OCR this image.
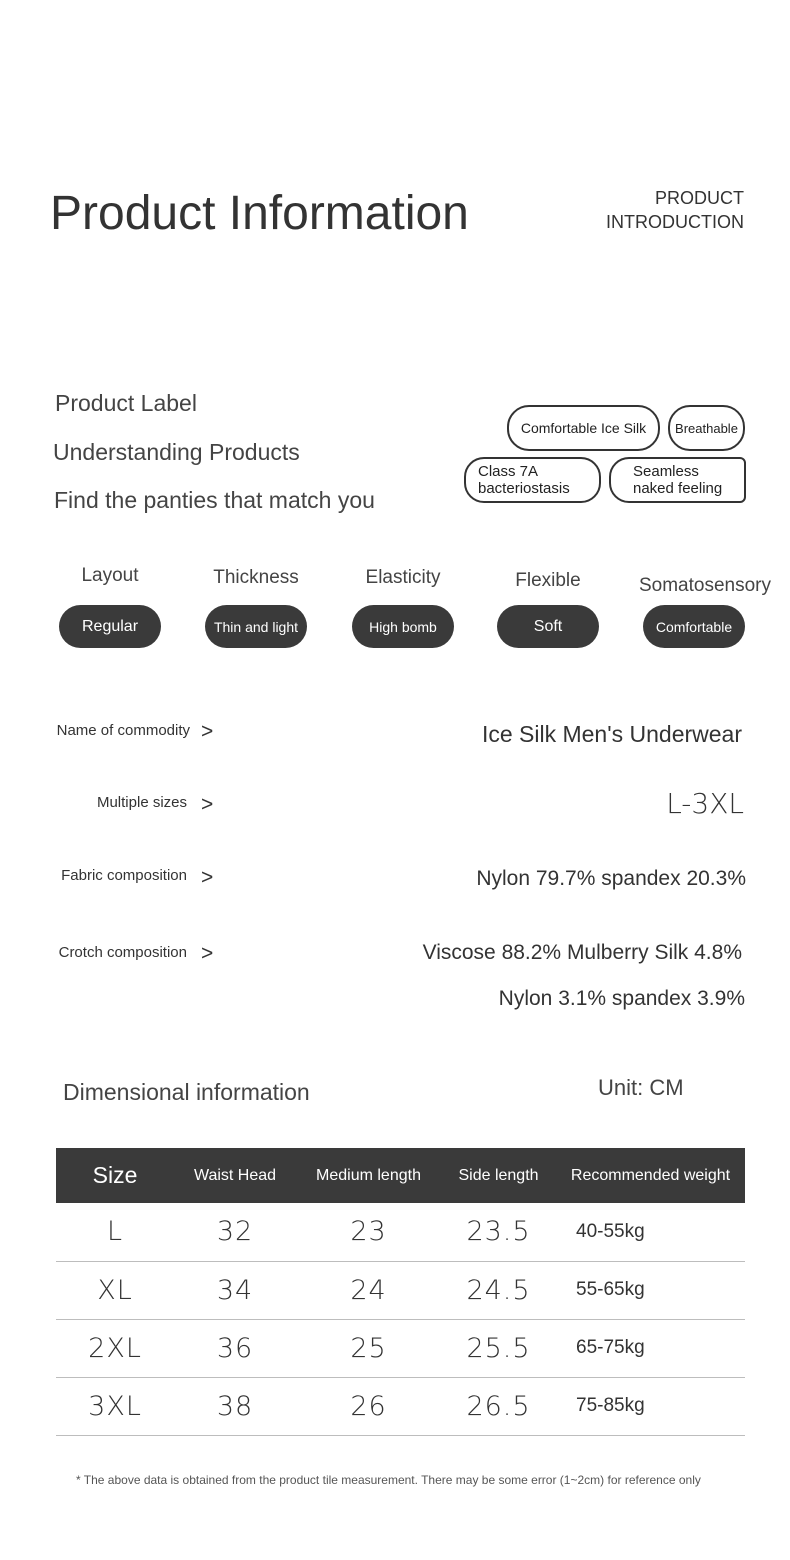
Product Information	PRODUCT
INTRODUCTION
Product Label
Understanding Products
Find the panties that match you
Comfortable Ice Silk Breathable
Class 7A
bacteriostasis
Seamless
naked feeling
Layout
Regular
Thickness
Thin and light
Elasticity
High bomb
Flexible
Soft
Somatosensory
Comfortable
Name of commodity >	Ice Silk Men's Underwear
Multiple sizes >	L-3XL
Fabric composition >	Nylon 79.7% spandex 20.3%
Crotch composition >	Viscose 88.2% Mulberry Silk 4.8%
Nylon 3.1% spandex 3.9%
Dimensional information	Unit: CM
Size	Waist Head	Medium length	Side length	Recommended weight
L	32	23	23.5	40-55kg
XL	34	24	24.5	55-65kg
2XL	36	25	25.5	65-75kg
3XL	38	26	26.5	75-85kg
* The above data is obtained from the product tile measurement. There may be some error (1~2cm) for reference only
